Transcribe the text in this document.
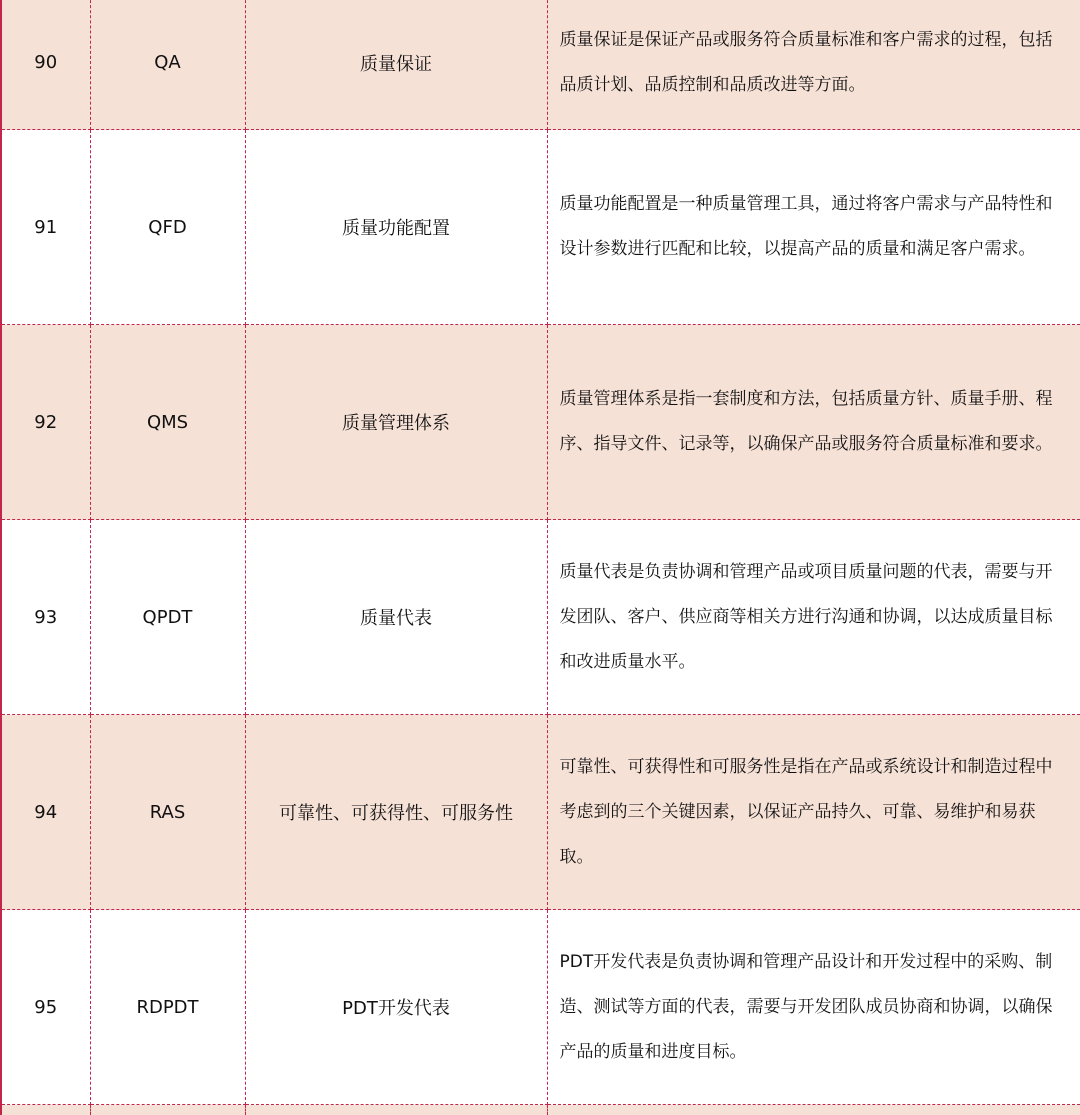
90	QA	质量保证	质量保证是保证产品或服务符合质量标准和客户需求的过程，包括品质计划、品质控制和品质改进等方面。
91	QFD	质量功能配置	质量功能配置是一种质量管理工具，通过将客户需求与产品特性和设计参数进行匹配和比较，以提高产品的质量和满足客户需求。
92	QMS	质量管理体系	质量管理体系是指一套制度和方法，包括质量方针、质量手册、程序、指导文件、记录等，以确保产品或服务符合质量标准和要求。
93	QPDT	质量代表	质量代表是负责协调和管理产品或项目质量问题的代表，需要与开发团队、客户、供应商等相关方进行沟通和协调，以达成质量目标和改进质量水平。
94	RAS	可靠性、可获得性、可服务性	可靠性、可获得性和可服务性是指在产品或系统设计和制造过程中考虑到的三个关键因素，以保证产品持久、可靠、易维护和易获取。
95	RDPDT	PDT开发代表	PDT开发代表是负责协调和管理产品设计和开发过程中的采购、制造、测试等方面的代表，需要与开发团队成员协商和协调，以确保产品的质量和进度目标。
